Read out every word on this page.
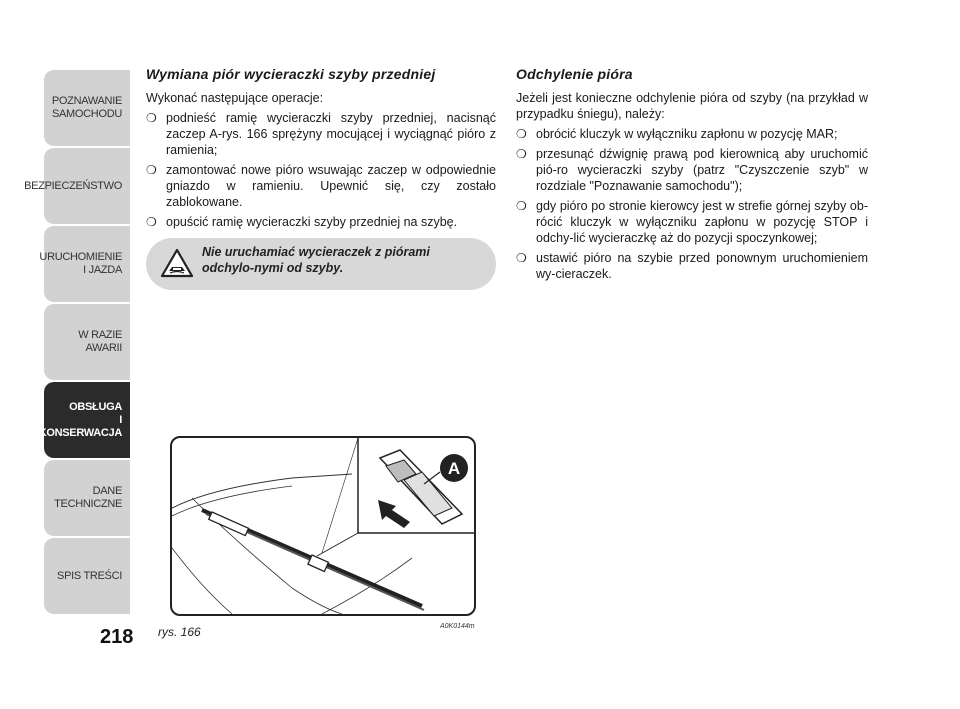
POZNAWANIE
SAMOCHODU
BEZPIECZEŃSTWO
URUCHOMIENIE
I JAZDA
W RAZIE AWARII
OBSŁUGA
I KONSERWACJA
DANE
TECHNICZNE
SPIS TREŚCI
218
Wymiana piór wycieraczki szyby przedniej

Wykonać następujące operacje:

❍ podnieść ramię wycieraczki szyby przedniej, nacisnąć zaczep A-rys. 166 sprężyny mocującej i wyciągnąć pióro z ramienia;
❍ zamontować nowe pióro wsuwając zaczep w odpowiednie gniazdo w ramieniu. Upewnić się, czy zostało zablokowane.
❍ opuścić ramię wycieraczki szyby przedniej na szybę.
Nie uruchamiać wycieraczek z piórami odchylo-nymi od szyby.
A
rys. 166	A0K0144m
Odchylenie pióra

Jeżeli jest konieczne odchylenie pióra od szyby (na przykład w przypadku śniegu), należy:

❍ obrócić kluczyk w wyłączniku zapłonu w pozycję MAR;
❍ przesunąć dźwignię prawą pod kierownicą aby uruchomić pió-ro wycieraczki szyby (patrz "Czyszczenie szyb" w rozdziale "Poznawanie samochodu");
❍ gdy pióro po stronie kierowcy jest w strefie górnej szyby ob-rócić kluczyk w wyłączniku zapłonu w pozycję STOP i odchy-lić wycieraczkę aż do pozycji spoczynkowej;
❍ ustawić pióro na szybie przed ponownym uruchomieniem wy-cieraczek.
